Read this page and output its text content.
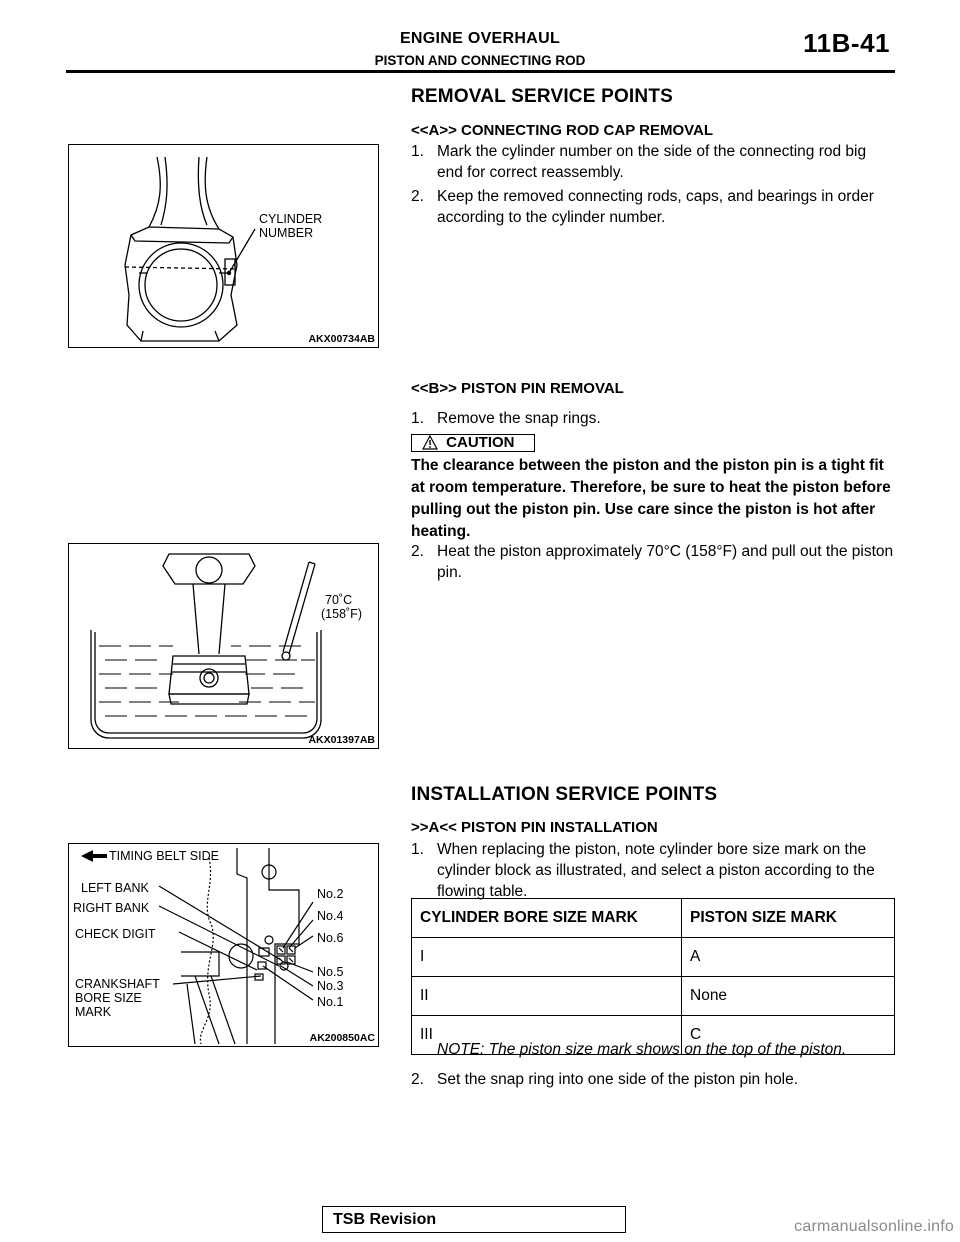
ENGINE OVERHAUL
PISTON AND CONNECTING ROD
11B-41
REMOVAL SERVICE POINTS
<<A>> CONNECTING ROD CAP REMOVAL
1. Mark the cylinder number on the side of the connecting rod big end for correct reassembly.
2. Keep the removed connecting rods, caps, and bearings in order according to the cylinder number.
CYLINDER
NUMBER
AKX00734AB
<<B>> PISTON PIN REMOVAL
1. Remove the snap rings.
CAUTION
The clearance between the piston and the piston pin is a tight fit at room temperature. Therefore, be sure to heat the piston before pulling out the piston pin. Use care since the piston is hot after heating.
2. Heat the piston approximately 70°C (158°F) and pull out the piston pin.
70˚C
(158˚F)
AKX01397AB
INSTALLATION SERVICE POINTS
>>A<< PISTON PIN INSTALLATION
1. When replacing the piston, note cylinder bore size mark on the cylinder block as illustrated, and select a piston according to the flowing table.
CYLINDER BORE SIZE MARK	PISTON SIZE MARK
I	A
II	None
III	C
NOTE: The piston size mark shows on the top of the piston.
2. Set the snap ring into one side of the piston pin hole.
TIMING BELT SIDE
LEFT BANK
RIGHT BANK
CHECK DIGIT
CRANKSHAFT
BORE SIZE
MARK
No.2
No.4
No.6
No.5
No.3
No.1
AK200850AC
TSB Revision	carmanualsonline.info
